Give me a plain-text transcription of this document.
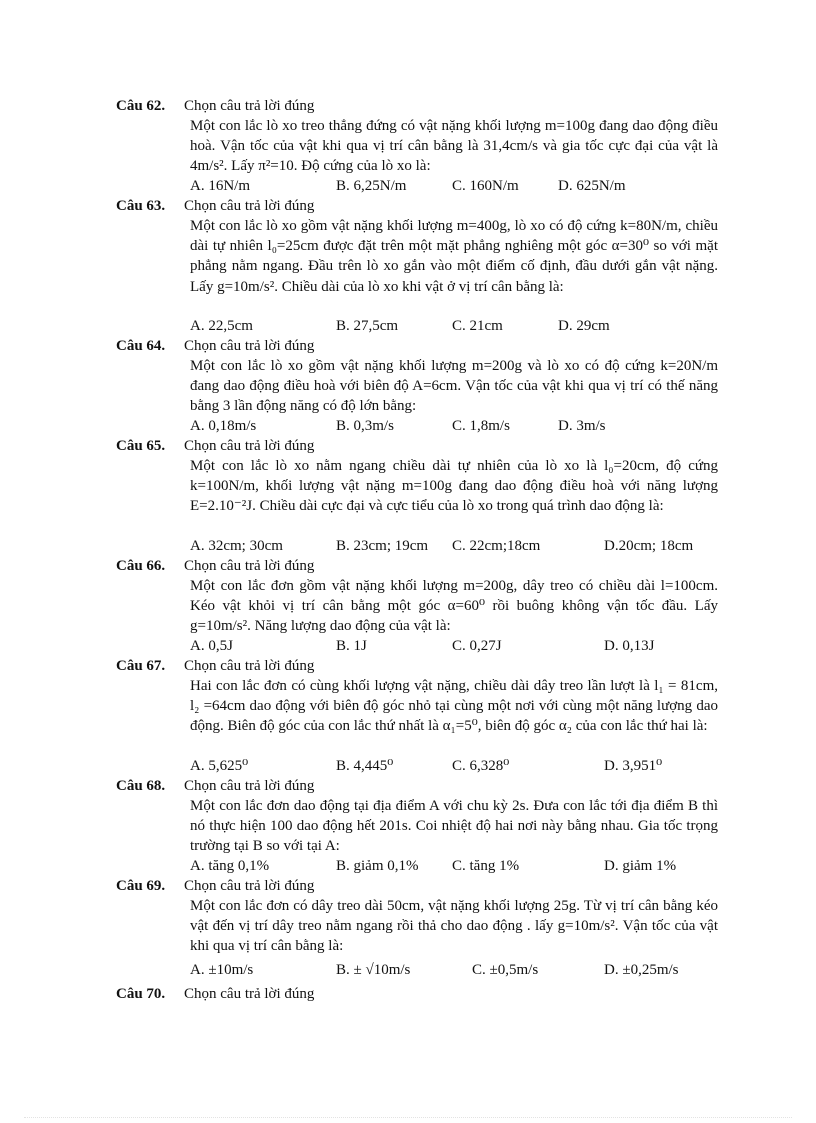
Câu 62. Chọn câu trả lời đúng
Một con lắc lò xo treo thẳng đứng có vật nặng khối lượng m=100g đang dao động điều hoà. Vận tốc của vật khi qua vị trí cân bằng là 31,4cm/s và gia tốc cực đại của vật là 4m/s². Lấy π²=10. Độ cứng của lò xo là:
A. 16N/m	B. 6,25N/m	C. 160N/m	D. 625N/m
Câu 63. Chọn câu trả lời đúng
Một con lắc lò xo gồm vật nặng khối lượng m=400g, lò xo có độ cứng k=80N/m, chiều dài tự nhiên l₀=25cm được đặt trên một mặt phẳng nghiêng một góc α=30⁰ so với mặt phẳng nằm ngang. Đầu trên lò xo gắn vào một điểm cố định, đầu dưới gắn vật nặng. Lấy g=10m/s². Chiều dài của lò xo khi vật ở vị trí cân bằng là:
A. 22,5cm	B. 27,5cm	C. 21cm	D. 29cm
Câu 64. Chọn câu trả lời đúng
Một con lắc lò xo gồm vật nặng khối lượng m=200g và lò xo có độ cứng k=20N/m đang dao động điều hoà với biên độ A=6cm. Vận tốc của vật khi qua vị trí có thế năng bằng 3 lần động năng có độ lớn bằng:
A. 0,18m/s	B. 0,3m/s	C. 1,8m/s	D. 3m/s
Câu 65. Chọn câu trả lời đúng
Một con lắc lò xo nằm ngang chiều dài tự nhiên của lò xo là l₀=20cm, độ cứng k=100N/m, khối lượng vật nặng m=100g đang dao động điều hoà với năng lượng E=2.10⁻²J. Chiều dài cực đại và cực tiểu của lò xo trong quá trình dao động là:
A. 32cm; 30cm	B. 23cm; 19cm C. 22cm;18cm	D.20cm; 18cm
Câu 66. Chọn câu trả lời đúng
Một con lắc đơn gồm vật nặng khối lượng m=200g, dây treo có chiều dài l=100cm. Kéo vật khỏi vị trí cân bằng một góc α=60⁰ rồi buông không vận tốc đầu. Lấy g=10m/s². Năng lượng dao động của vật là:
A. 0,5J	B. 1J	C. 0,27J	D. 0,13J
Câu 67. Chọn câu trả lời đúng
Hai con lắc đơn có cùng khối lượng vật nặng, chiều dài dây treo lần lượt là l₁ = 81cm, l₂ =64cm dao động với biên độ góc nhỏ tại cùng một nơi với cùng một năng lượng dao động. Biên độ góc của con lắc thứ nhất là α₁=5⁰, biên độ góc α₂ của con lắc thứ hai là:
A. 5,625⁰	B. 4,445⁰	C. 6,328⁰	D. 3,951⁰
Câu 68. Chọn câu trả lời đúng
Một con lắc đơn dao động tại địa điểm A với chu kỳ 2s. Đưa con lắc tới địa điểm B thì nó thực hiện 100 dao động hết 201s. Coi nhiệt độ hai nơi này bằng nhau. Gia tốc trọng trường tại B so với tại A:
A. tăng 0,1%	B. giảm 0,1% C. tăng 1%	D. giảm 1%
Câu 69. Chọn câu trả lời đúng
Một con lắc đơn có dây treo dài 50cm, vật nặng khối lượng 25g. Từ vị trí cân bằng kéo vật đến vị trí dây treo nằm ngang rồi thả cho dao động . lấy g=10m/s². Vận tốc của vật khi qua vị trí cân bằng là:
A. ±10m/s	B. ± √10m/s	C. ±0,5m/s	D. ±0,25m/s
Câu 70. Chọn câu trả lời đúng
